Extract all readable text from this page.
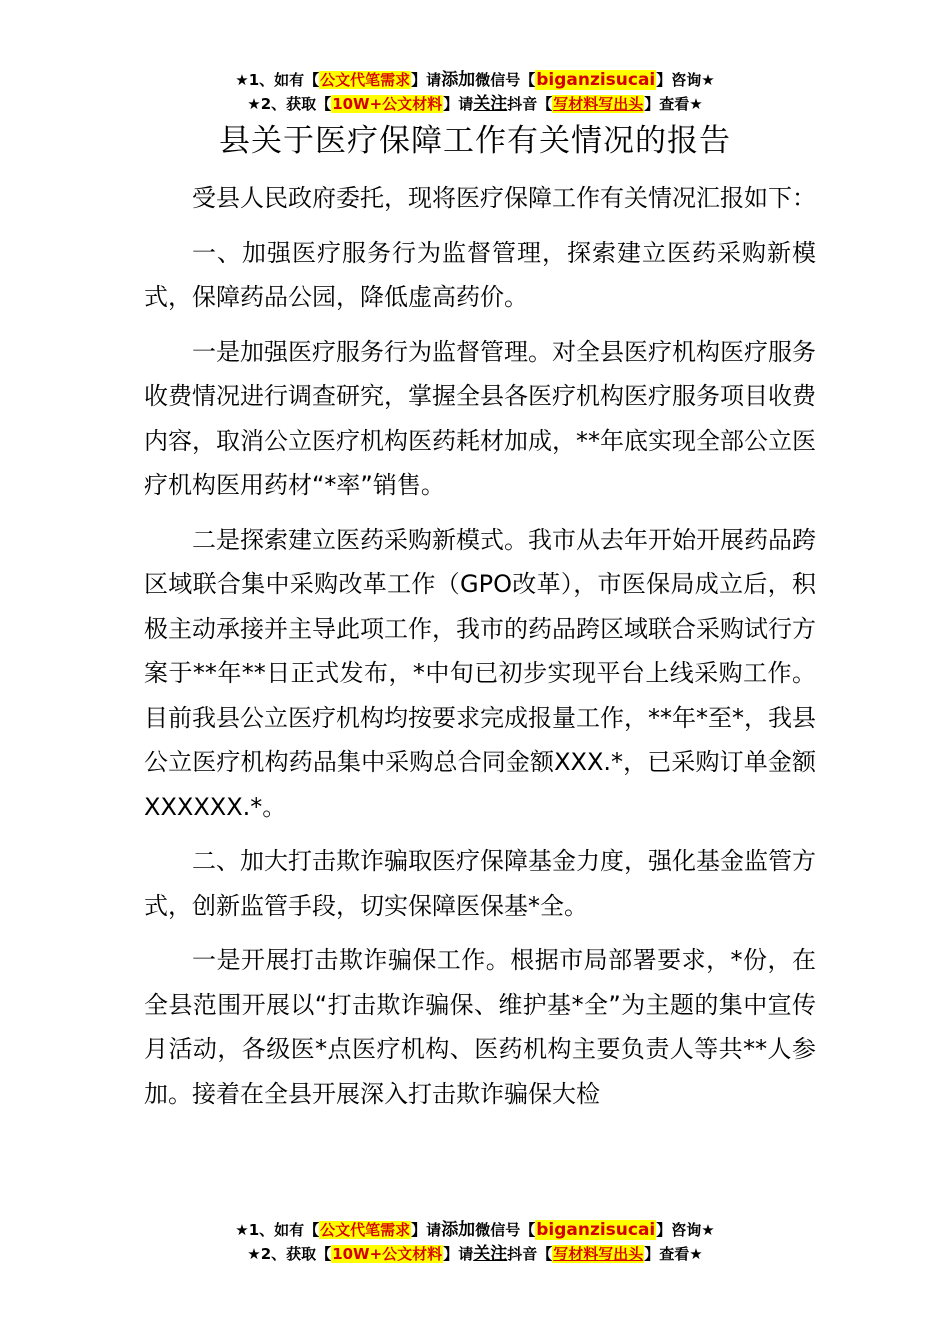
★1、如有【公文代笔需求】请添加微信号【biganzisucai】咨询★
★2、获取【10W+公文材料】请关注抖音【写材料写出头】查看★
县关于医疗保障工作有关情况的报告

受县人民政府委托，现将医疗保障工作有关情况汇报如下：

一、加强医疗服务行为监督管理，探索建立医药采购新模式，保障药品公园，降低虚高药价。

一是加强医疗服务行为监督管理。对全县医疗机构医疗服务收费情况进行调查研究，掌握全县各医疗机构医疗服务项目收费内容，取消公立医疗机构医药耗材加成，**年底实现全部公立医疗机构医用药材“*率”销售。

二是探索建立医药采购新模式。我市从去年开始开展药品跨区域联合集中采购改革工作（GPO改革），市医保局成立后，积极主动承接并主导此项工作，我市的药品跨区域联合采购试行方案于**年**日正式发布，*中旬已初步实现平台上线采购工作。目前我县公立医疗机构均按要求完成报量工作，**年*至*，我县公立医疗机构药品集中采购总合同金额XXX.*，已采购订单金额XXXXXX.*。

二、加大打击欺诈骗取医疗保障基金力度，强化基金监管方式，创新监管手段，切实保障医保基*全。

一是开展打击欺诈骗保工作。根据市局部署要求，*份，在全县范围开展以“打击欺诈骗保、维护基*全”为主题的集中宣传月活动，各级医*点医疗机构、医药机构主要负责人等共**人参加。接着在全县开展深入打击欺诈骗保大检

★1、如有【公文代笔需求】请添加微信号【biganzisucai】咨询★
★2、获取【10W+公文材料】请关注抖音【写材料写出头】查看★
